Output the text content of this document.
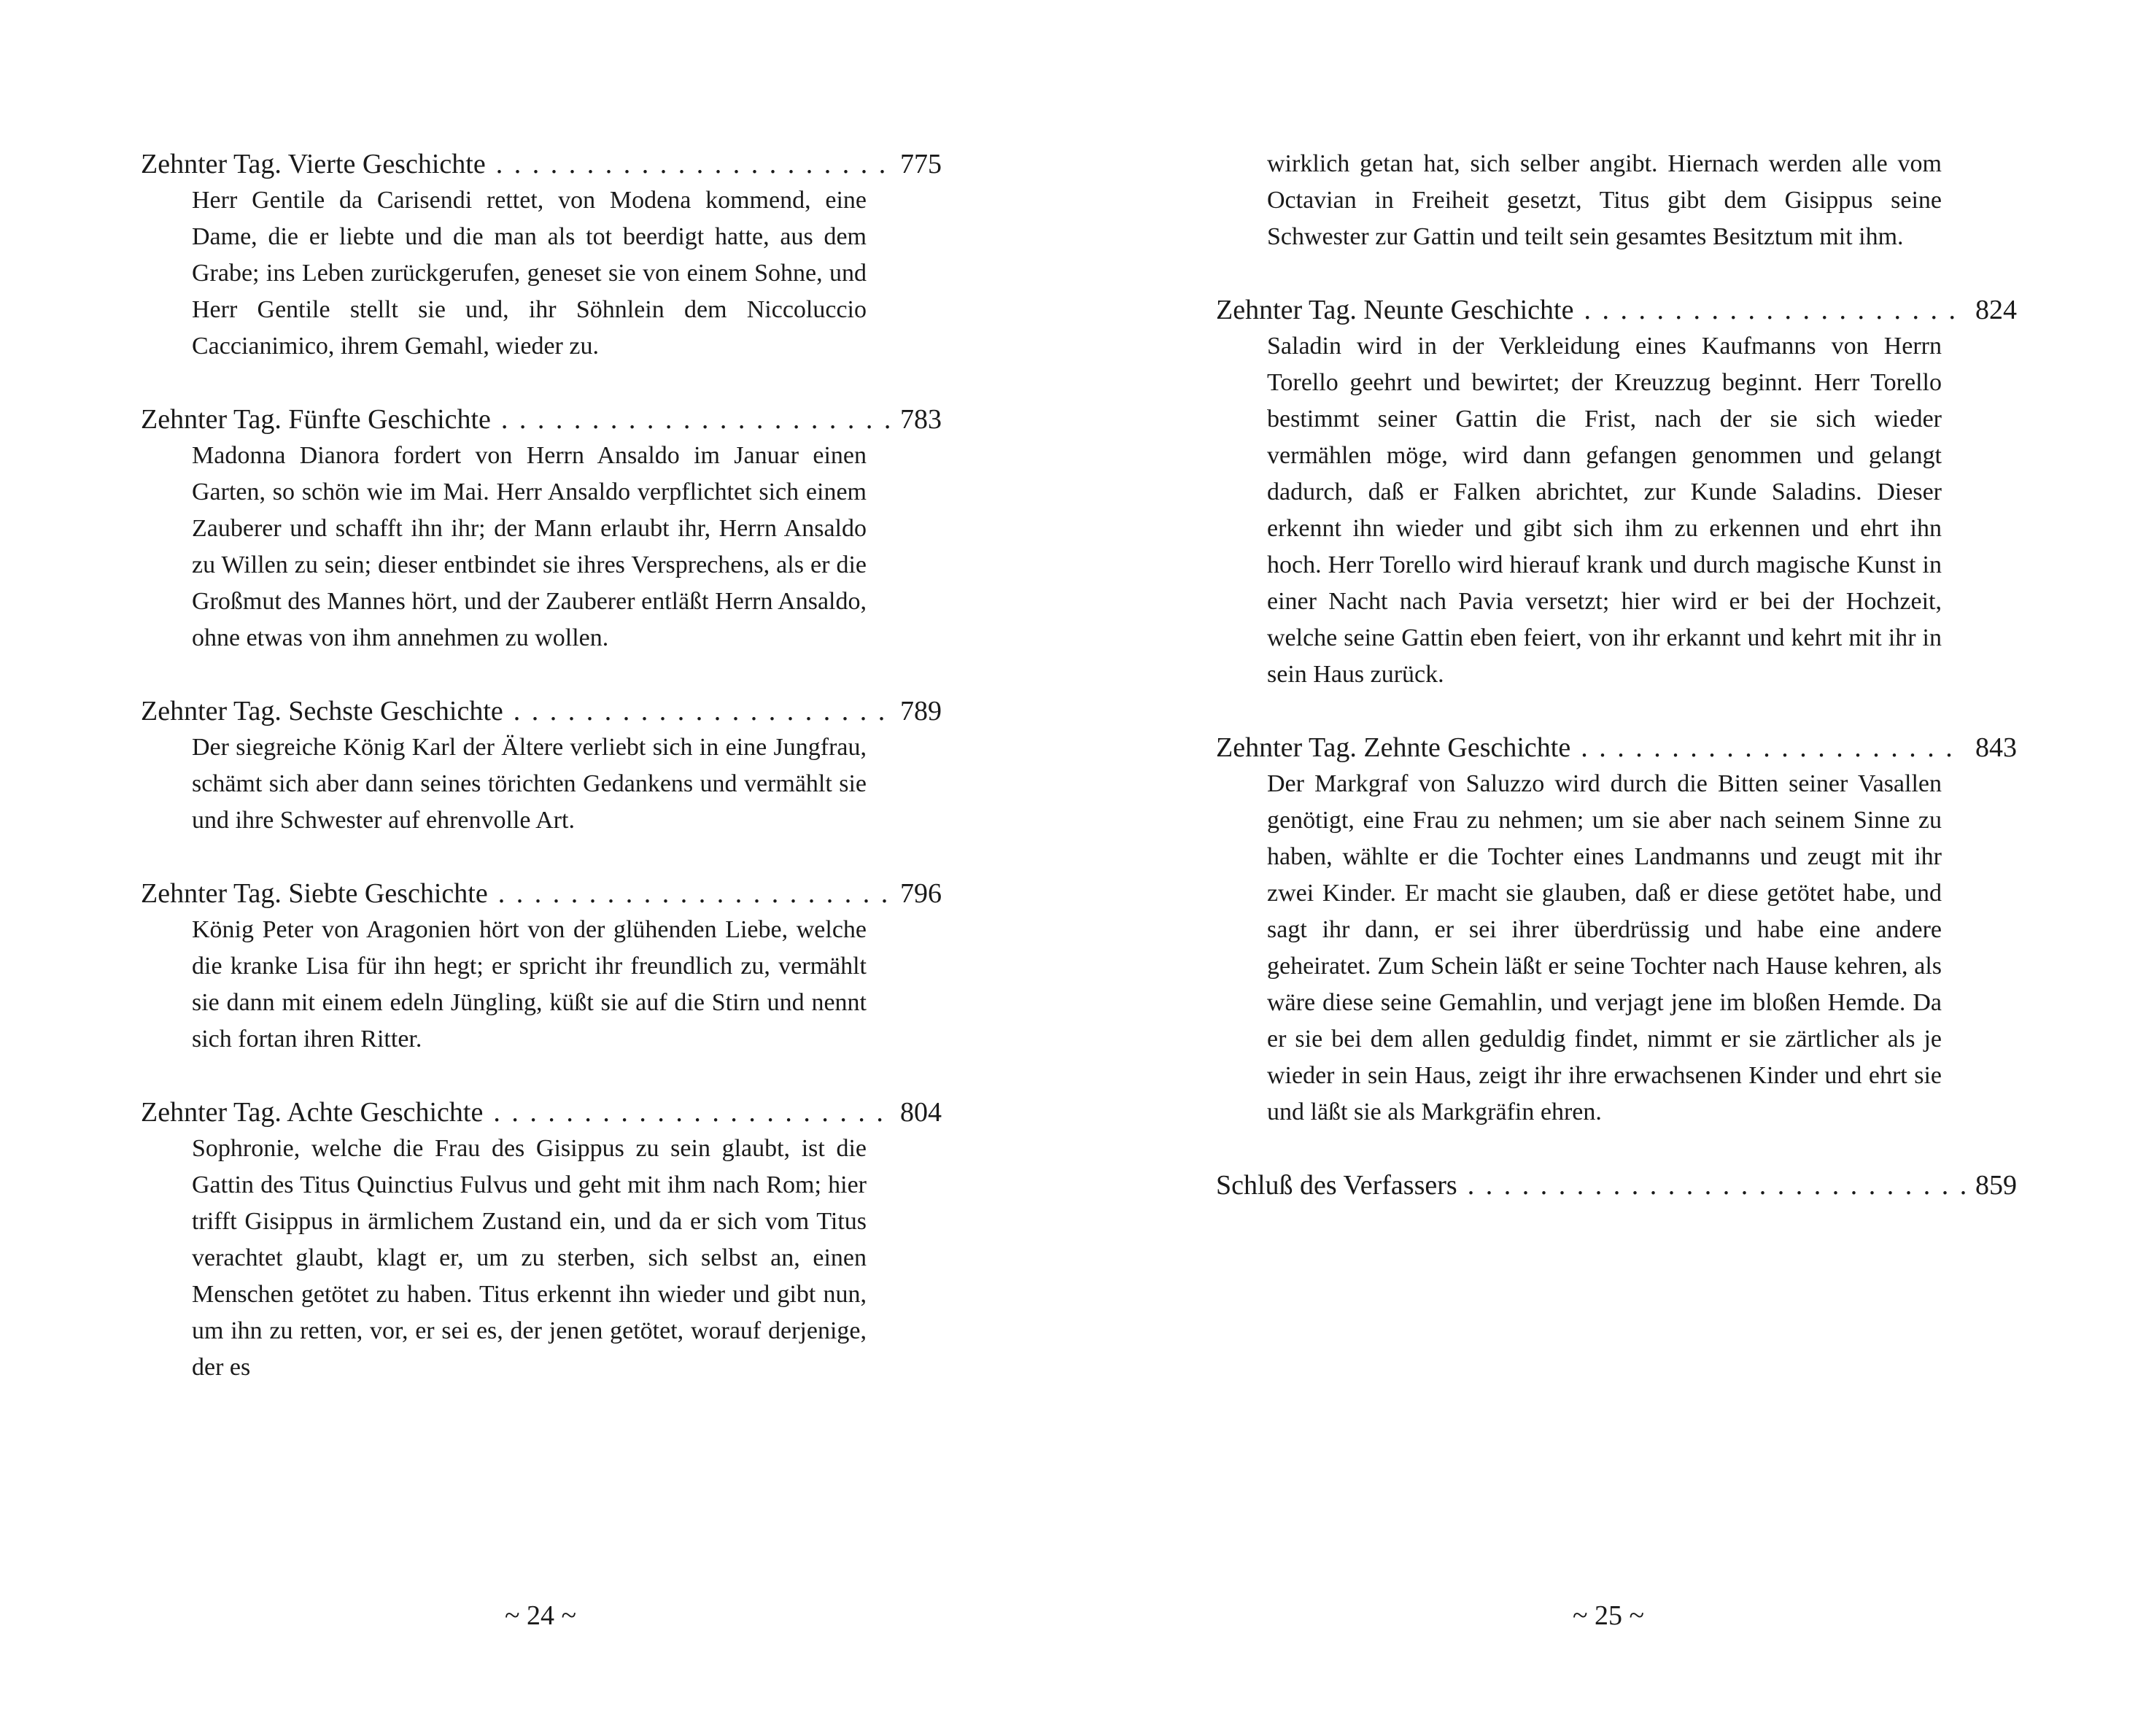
Zehnter Tag. Vierte Geschichte . . .	775

Herr Gentile da Carisendi rettet, von Modena kommend, eine Dame, die er liebte und die man als tot beerdigt hatte, aus dem Grabe; ins Leben zurückgerufen, geneset sie von einem Sohne, und Herr Gentile stellt sie und, ihr Söhnlein dem Niccoluccio Caccianimico, ihrem Gemahl, wieder zu.

Zehnter Tag. Fünfte Geschichte . . .	783

Madonna Dianora fordert von Herrn Ansaldo im Januar einen Garten, so schön wie im Mai. Herr Ansaldo verpflichtet sich einem Zauberer und schafft ihn ihr; der Mann erlaubt ihr, Herrn Ansaldo zu Willen zu sein; dieser entbindet sie ihres Versprechens, als er die Großmut des Mannes hört, und der Zauberer entläßt Herrn Ansaldo, ohne etwas von ihm annehmen zu wollen.

Zehnter Tag. Sechste Geschichte . . .	789

Der siegreiche König Karl der Ältere verliebt sich in eine Jungfrau, schämt sich aber dann seines törichten Gedankens und vermählt sie und ihre Schwester auf ehrenvolle Art.

Zehnter Tag. Siebte Geschichte . . .	796

König Peter von Aragonien hört von der glühenden Liebe, welche die kranke Lisa für ihn hegt; er spricht ihr freundlich zu, vermählt sie dann mit einem edeln Jüngling, küßt sie auf die Stirn und nennt sich fortan ihren Ritter.

Zehnter Tag. Achte Geschichte . . .	804

Sophronie, welche die Frau des Gisippus zu sein glaubt, ist die Gattin des Titus Quinctius Fulvus und geht mit ihm nach Rom; hier trifft Gisippus in ärmlichem Zustand ein, und da er sich vom Titus verachtet glaubt, klagt er, um zu sterben, sich selbst an, einen Menschen getötet zu haben. Titus erkennt ihn wieder und gibt nun, um ihn zu retten, vor, er sei es, der jenen getötet, worauf derjenige, der es

~ 24 ~

wirklich getan hat, sich selber angibt. Hiernach werden alle vom Octavian in Freiheit gesetzt, Titus gibt dem Gisippus seine Schwester zur Gattin und teilt sein gesamtes Besitztum mit ihm.

Zehnter Tag. Neunte Geschichte . . .	824

Saladin wird in der Verkleidung eines Kaufmanns von Herrn Torello geehrt und bewirtet; der Kreuzzug beginnt. Herr Torello bestimmt seiner Gattin die Frist, nach der sie sich wieder vermählen möge, wird dann gefangen genommen und gelangt dadurch, daß er Falken abrichtet, zur Kunde Saladins. Dieser erkennt ihn wieder und gibt sich ihm zu erkennen und ehrt ihn hoch. Herr Torello wird hierauf krank und durch magische Kunst in einer Nacht nach Pavia versetzt; hier wird er bei der Hochzeit, welche seine Gattin eben feiert, von ihr erkannt und kehrt mit ihr in sein Haus zurück.

Zehnter Tag. Zehnte Geschichte . . .	843

Der Markgraf von Saluzzo wird durch die Bitten seiner Vasallen genötigt, eine Frau zu nehmen; um sie aber nach seinem Sinne zu haben, wählte er die Tochter eines Landmanns und zeugt mit ihr zwei Kinder. Er macht sie glauben, daß er diese getötet habe, und sagt ihr dann, er sei ihrer überdrüssig und habe eine andere geheiratet. Zum Schein läßt er seine Tochter nach Hause kehren, als wäre diese seine Gemahlin, und verjagt jene im bloßen Hemde. Da er sie bei dem allen geduldig findet, nimmt er sie zärtlicher als je wieder in sein Haus, zeigt ihr ihre erwachsenen Kinder und ehrt sie und läßt sie als Markgräfin ehren.

Schluß des Verfassers . . .	859
~ 25 ~
